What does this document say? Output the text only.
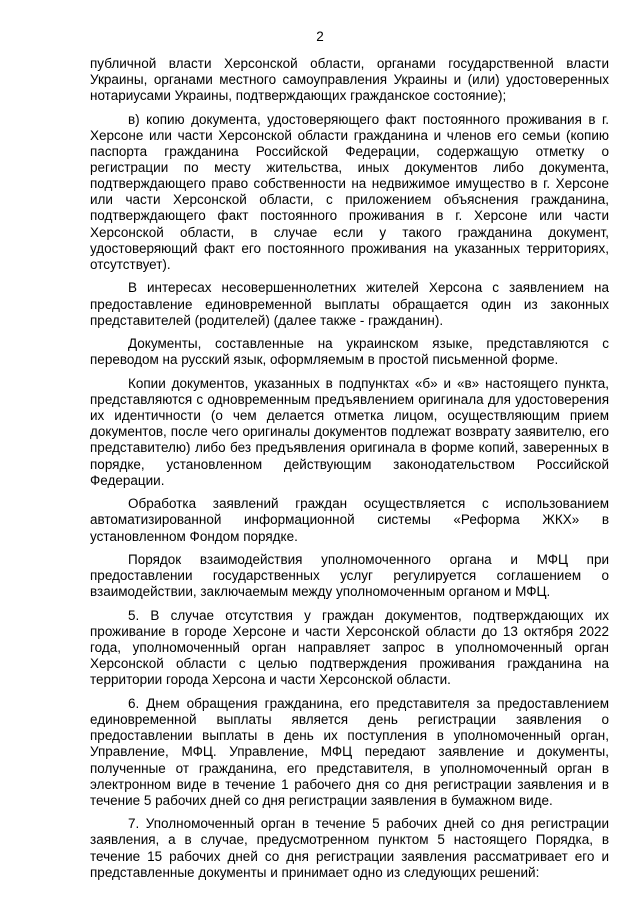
2

публичной власти Херсонской области, органами государственной власти Украины, органами местного самоуправления Украины и (или) удостоверенных нотариусами Украины, подтверждающих гражданское состояние);

в) копию документа, удостоверяющего факт постоянного проживания в г. Херсоне или части Херсонской области гражданина и членов его семьи (копию паспорта гражданина Российской Федерации, содержащую отметку о регистрации по месту жительства, иных документов либо документа, подтверждающего право собственности на недвижимое имущество в г. Херсоне или части Херсонской области, с приложением объяснения гражданина, подтверждающего факт постоянного проживания в г. Херсоне или части Херсонской области, в случае если у такого гражданина документ, удостоверяющий факт его постоянного проживания на указанных территориях, отсутствует).

В интересах несовершеннолетних жителей Херсона с заявлением на предоставление единовременной выплаты обращается один из законных представителей (родителей) (далее также - гражданин).

Документы, составленные на украинском языке, представляются с переводом на русский язык, оформляемым в простой письменной форме.

Копии документов, указанных в подпунктах «б» и «в» настоящего пункта, представляются с одновременным предъявлением оригинала для удостоверения их идентичности (о чем делается отметка лицом, осуществляющим прием документов, после чего оригиналы документов подлежат возврату заявителю, его представителю) либо без предъявления оригинала в форме копий, заверенных в порядке, установленном действующим законодательством Российской Федерации.

Обработка заявлений граждан осуществляется с использованием автоматизированной информационной системы «Реформа ЖКХ» в установленном Фондом порядке.

Порядок взаимодействия уполномоченного органа и МФЦ при предоставлении государственных услуг регулируется соглашением о взаимодействии, заключаемым между уполномоченным органом и МФЦ.

5. В случае отсутствия у граждан документов, подтверждающих их проживание в городе Херсоне и части Херсонской области до 13 октября 2022 года, уполномоченный орган направляет запрос в уполномоченный орган Херсонской области с целью подтверждения проживания гражданина на территории города Херсона и части Херсонской области.

6. Днем обращения гражданина, его представителя за предоставлением единовременной выплаты является день регистрации заявления о предоставлении выплаты в день их поступления в уполномоченный орган, Управление, МФЦ. Управление, МФЦ передают заявление и документы, полученные от гражданина, его представителя, в уполномоченный орган в электронном виде в течение 1 рабочего дня со дня регистрации заявления и в течение 5 рабочих дней со дня регистрации заявления в бумажном виде.

7. Уполномоченный орган в течение 5 рабочих дней со дня регистрации заявления, а в случае, предусмотренном пунктом 5 настоящего Порядка, в течение 15 рабочих дней со дня регистрации заявления рассматривает его и представленные документы и принимает одно из следующих решений:
